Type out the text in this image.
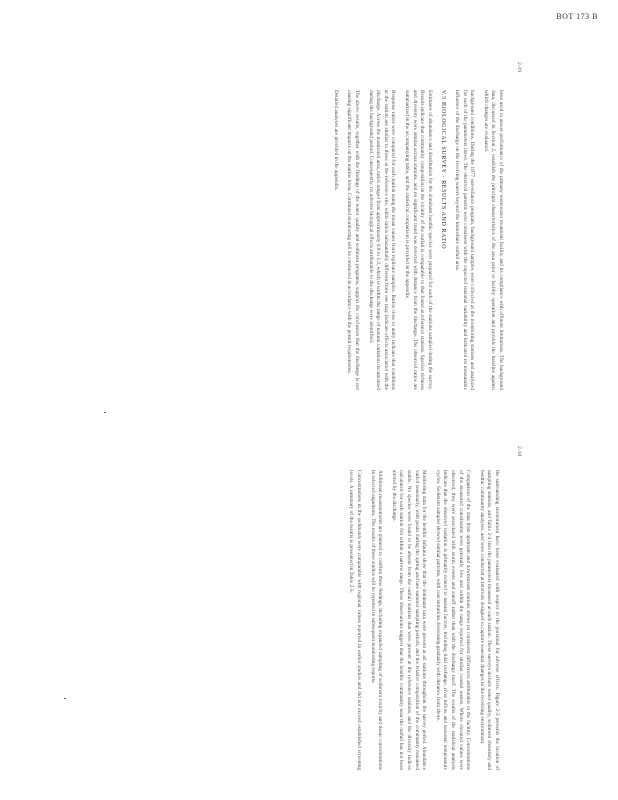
BOT 173 B

been used to assess performance of the primary wastewater treatment facility and its compliance with effluent limitations. The background data, discussed in Section 2, establish the principal characteristics of the area prior to facility operation and provide the baseline against which changes are evaluated.

background conditions. During the 1977 surveillance program, background samples were collected at the monitoring stations and analyzed for each of the parameters listed. The observed patterns were consistent with the expected seasonal variability and indicated no measurable influence of the discharge on the receiving waters beyond the immediate outfall area.

V.5 BIOLOGICAL SURVEY - RESULTS AND RATIO

Estimates of abundance and distribution for the dominant benthic species were prepared for each of the stations sampled during the survey. Results indicate that community composition in the vicinity of the outfall is comparable to that found at reference stations. Species richness and diversity were similar across stations, and no significant trend was detected with distance from the discharge. The observed ratios are summarized in the accompanying table, and the statistical comparison is provided in the appendix.

Response ratios were computed for each station using the mean values from replicate samples. Ratios close to unity indicate that conditions at the station are similar to those at the reference site, while ratios substantially different from one may indicate effects associated with the discharge. Across the monitored area, ratios ranged from approximately 0.8 to 1.2, which is within the range of natural variation documented during the background period. Consequently, no adverse biological effects attributable to the discharge were identified.

The above results, together with the findings of the water quality and sediment programs, support the conclusion that the discharge is not causing significant impacts on the marine biota. Continued monitoring will be conducted in accordance with the permit requirements.

Detailed analyses are provided in the appendix.

the surrounding environment have been evaluated with respect to the potential for adverse effects. Figure 2-3 presents the location of sampling stations, and Table 2-4 lists the parameters measured at each station. These surveys include water quality, sediment chemistry and benthic community analyses, and were conducted at intervals designed to capture seasonal changes in the receiving environment.

Comparison of the data from upstream and downstream stations shows no consistent differences attributable to the facility. Concentrations of the measured constituents were generally low and within the range reported for similar coastal waters. Where elevated values were observed, they were associated with storm events and runoff rather than with the discharge itself. The results of the statistical analysis indicate that the observed variation is primarily related to natural factors, including tidal exchange, river inflow and seasonal temperature cycles. Sediment samples showed similar patterns, with concentrations decreasing gradually with distance from shore.

Monitoring data for the benthic infauna show that the dominant taxa were present at all stations throughout the survey period. Abundance varied seasonally, with peaks during the spring and late summer sampling periods, and the relative composition of the community remained stable. No species were found to be absent from the outfall stations that were present at the reference stations, and the diversity indices calculated for each station fell within a narrow range. These observations suggest that the benthic community near the outfall has not been altered by the discharge.

Additional measurements are planned to confirm these findings, including expanded sampling of sediment toxicity and tissue concentrations in selected organisms. The results of these studies will be reported in subsequent monitoring reports.

Concentrations in the sediments were comparable with regional values reported in earlier studies and did not exceed established screening levels. A summary of the results is presented in Table 2-5.

2-19
2-18
